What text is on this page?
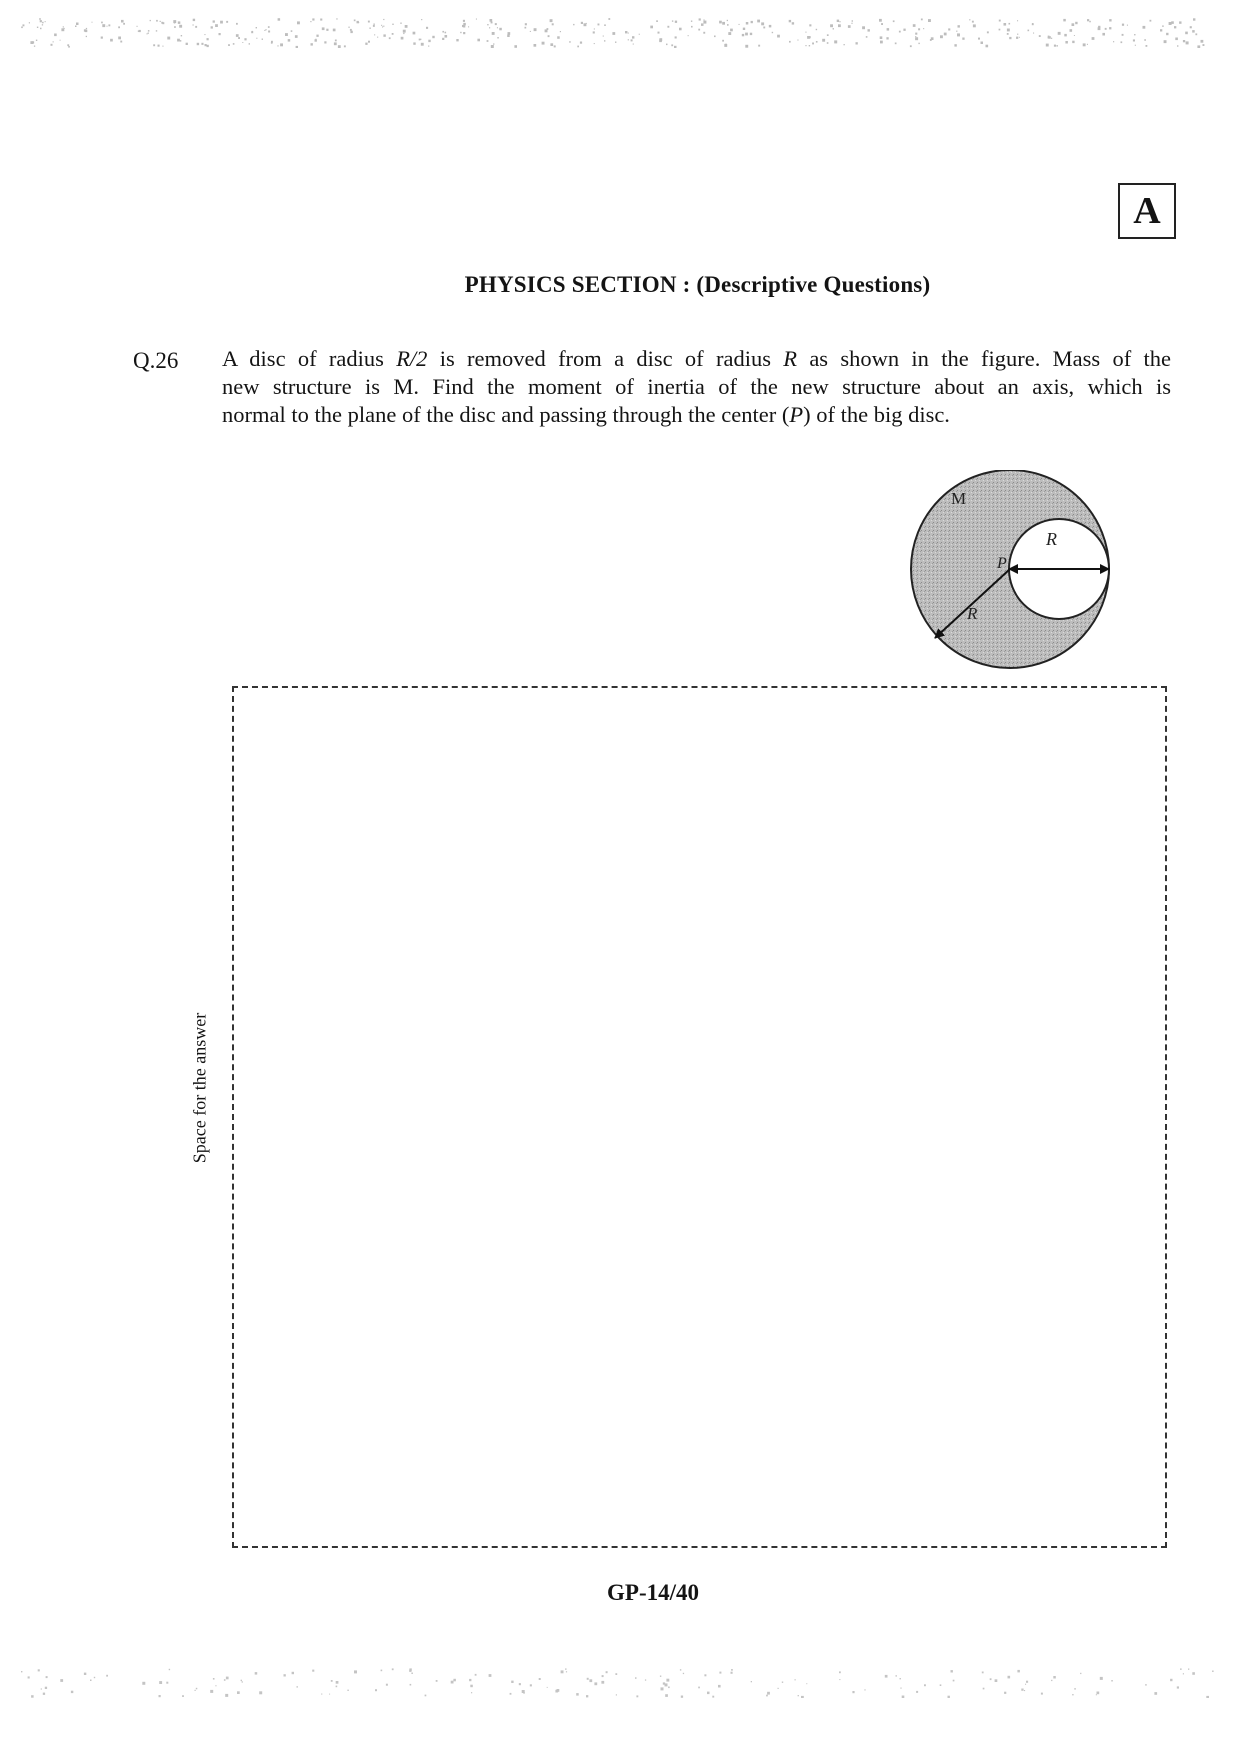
A
PHYSICS SECTION : (Descriptive Questions)
Q.26 A disc of radius R/2 is removed from a disc of radius R as shown in the figure. Mass of the
new structure is M. Find the moment of inertia of the new structure about an axis, which is
normal to the plane of the disc and passing through the center (P) of the big disc.
M
P
R
R
Space for the answer
GP-14/40
